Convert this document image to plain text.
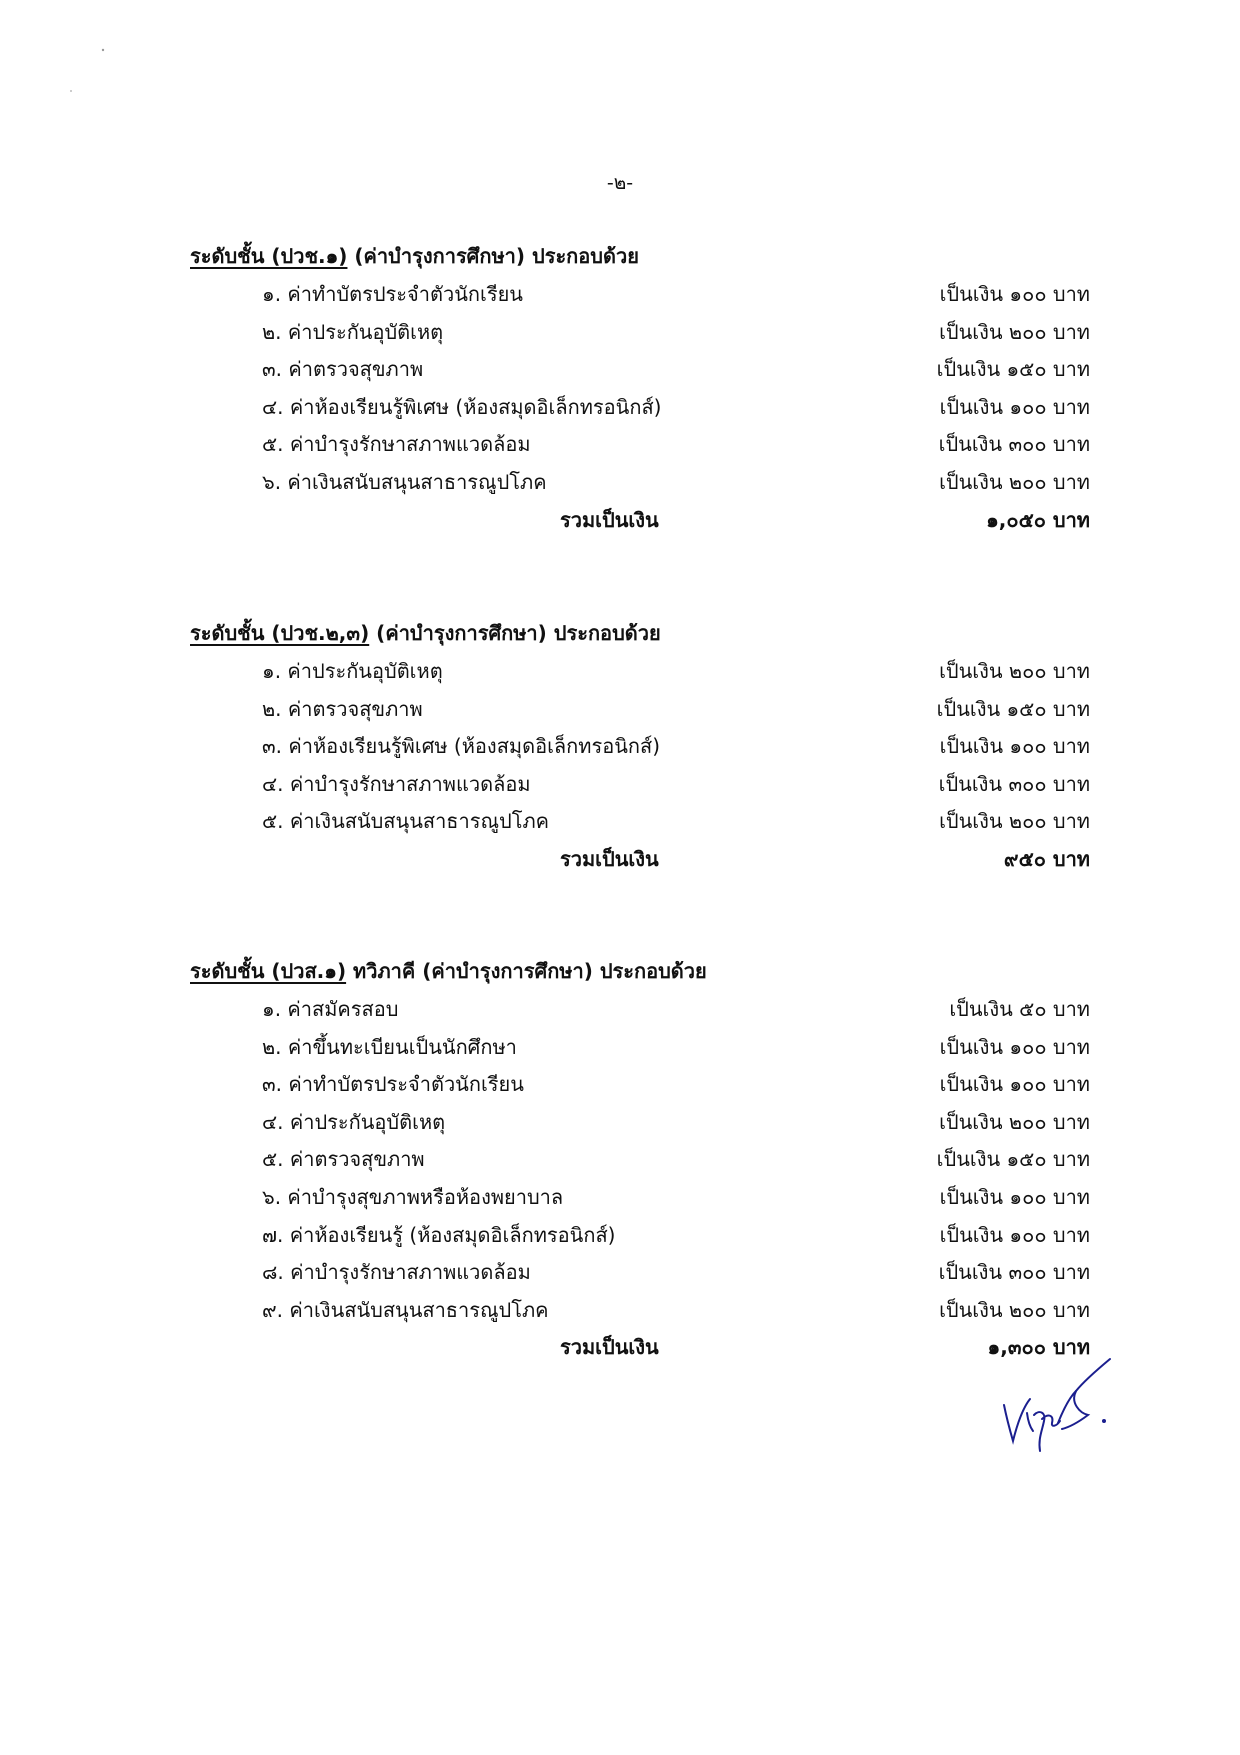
-๒-
ระดับชั้น (ปวช.๑) (ค่าบำรุงการศึกษา) ประกอบด้วย
๑. ค่าทำบัตรประจำตัวนักเรียน	เป็นเงิน ๑๐๐ บาท
๒. ค่าประกันอุบัติเหตุ	เป็นเงิน ๒๐๐ บาท
๓. ค่าตรวจสุขภาพ	เป็นเงิน ๑๕๐ บาท
๔. ค่าห้องเรียนรู้พิเศษ (ห้องสมุดอิเล็กทรอนิกส์)	เป็นเงิน ๑๐๐ บาท
๕. ค่าบำรุงรักษาสภาพแวดล้อม	เป็นเงิน ๓๐๐ บาท
๖. ค่าเงินสนับสนุนสาธารณูปโภค	เป็นเงิน ๒๐๐ บาท
รวมเป็นเงิน	๑,๐๕๐ บาท
ระดับชั้น (ปวช.๒,๓) (ค่าบำรุงการศึกษา) ประกอบด้วย
๑. ค่าประกันอุบัติเหตุ	เป็นเงิน ๒๐๐ บาท
๒. ค่าตรวจสุขภาพ	เป็นเงิน ๑๕๐ บาท
๓. ค่าห้องเรียนรู้พิเศษ (ห้องสมุดอิเล็กทรอนิกส์)	เป็นเงิน ๑๐๐ บาท
๔. ค่าบำรุงรักษาสภาพแวดล้อม	เป็นเงิน ๓๐๐ บาท
๕. ค่าเงินสนับสนุนสาธารณูปโภค	เป็นเงิน ๒๐๐ บาท
รวมเป็นเงิน	๙๕๐ บาท
ระดับชั้น (ปวส.๑) ทวิภาคี (ค่าบำรุงการศึกษา) ประกอบด้วย
๑. ค่าสมัครสอบ	เป็นเงิน ๕๐ บาท
๒. ค่าขึ้นทะเบียนเป็นนักศึกษา	เป็นเงิน ๑๐๐ บาท
๓. ค่าทำบัตรประจำตัวนักเรียน	เป็นเงิน ๑๐๐ บาท
๔. ค่าประกันอุบัติเหตุ	เป็นเงิน ๒๐๐ บาท
๕. ค่าตรวจสุขภาพ	เป็นเงิน ๑๕๐ บาท
๖. ค่าบำรุงสุขภาพหรือห้องพยาบาล	เป็นเงิน ๑๐๐ บาท
๗. ค่าห้องเรียนรู้ (ห้องสมุดอิเล็กทรอนิกส์)	เป็นเงิน ๑๐๐ บาท
๘. ค่าบำรุงรักษาสภาพแวดล้อม	เป็นเงิน ๓๐๐ บาท
๙. ค่าเงินสนับสนุนสาธารณูปโภค	เป็นเงิน ๒๐๐ บาท
รวมเป็นเงิน	๑,๓๐๐ บาท
